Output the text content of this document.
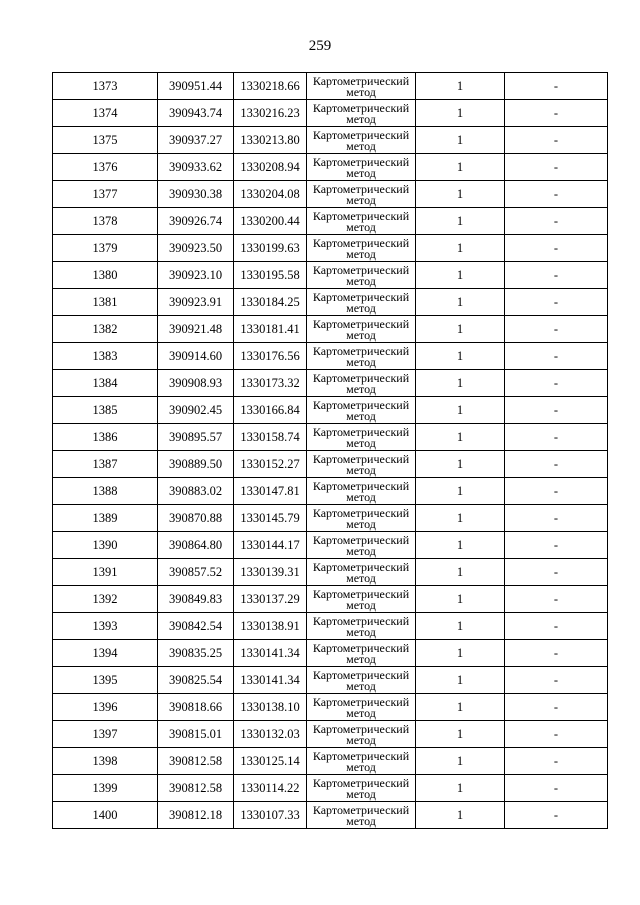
259
1373	390951.44	1330218.66	Картометрический метод	1	-
1374	390943.74	1330216.23	Картометрический метод	1	-
1375	390937.27	1330213.80	Картометрический метод	1	-
1376	390933.62	1330208.94	Картометрический метод	1	-
1377	390930.38	1330204.08	Картометрический метод	1	-
1378	390926.74	1330200.44	Картометрический метод	1	-
1379	390923.50	1330199.63	Картометрический метод	1	-
1380	390923.10	1330195.58	Картометрический метод	1	-
1381	390923.91	1330184.25	Картометрический метод	1	-
1382	390921.48	1330181.41	Картометрический метод	1	-
1383	390914.60	1330176.56	Картометрический метод	1	-
1384	390908.93	1330173.32	Картометрический метод	1	-
1385	390902.45	1330166.84	Картометрический метод	1	-
1386	390895.57	1330158.74	Картометрический метод	1	-
1387	390889.50	1330152.27	Картометрический метод	1	-
1388	390883.02	1330147.81	Картометрический метод	1	-
1389	390870.88	1330145.79	Картометрический метод	1	-
1390	390864.80	1330144.17	Картометрический метод	1	-
1391	390857.52	1330139.31	Картометрический метод	1	-
1392	390849.83	1330137.29	Картометрический метод	1	-
1393	390842.54	1330138.91	Картометрический метод	1	-
1394	390835.25	1330141.34	Картометрический метод	1	-
1395	390825.54	1330141.34	Картометрический метод	1	-
1396	390818.66	1330138.10	Картометрический метод	1	-
1397	390815.01	1330132.03	Картометрический метод	1	-
1398	390812.58	1330125.14	Картометрический метод	1	-
1399	390812.58	1330114.22	Картометрический метод	1	-
1400	390812.18	1330107.33	Картометрический метод	1	-
